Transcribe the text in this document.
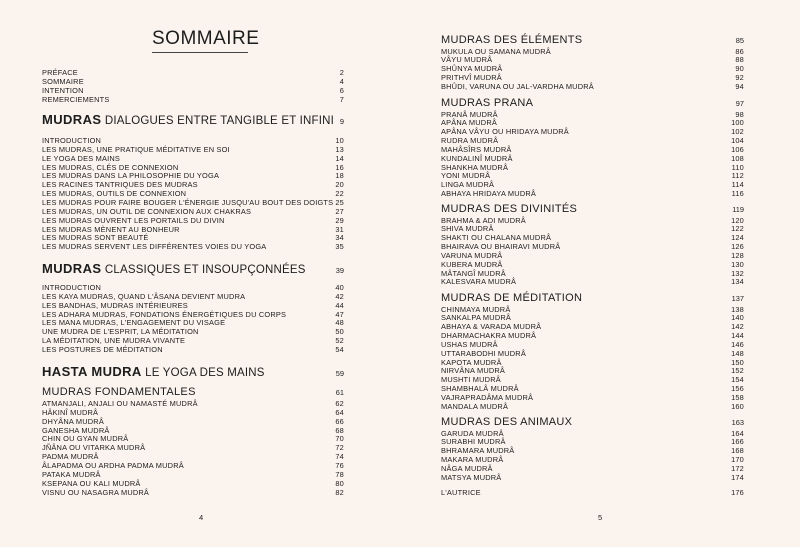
SOMMAIRE
4
PRÉFACE	2
SOMMAIRE	4
INTENTION	6
REMERCIEMENTS	7
MUDRAS DIALOGUES ENTRE TANGIBLE ET INFINI 9
INTRODUCTION	10
LES MUDRAS, UNE PRATIQUE MÉDITATIVE EN SOI	13
LE YOGA DES MAINS	14
LES MUDRAS, CLÉS DE CONNEXION	16
LES MUDRAS DANS LA PHILOSOPHIE DU YOGA	18
LES RACINES TANTRIQUES DES MUDRAS	20
LES MUDRAS, OUTILS DE CONNEXION	22
LES MUDRAS POUR FAIRE BOUGER L'ÉNERGIE JUSQU'AU BOUT DES DOIGTS 25
LES MUDRAS, UN OUTIL DE CONNEXION AUX CHAKRAS	27
LES MUDRAS OUVRENT LES PORTAILS DU DIVIN	29
LES MUDRAS MÈNENT AU BONHEUR	31
LES MUDRAS SONT BEAUTÉ	34
LES MUDRAS SERVENT LES DIFFÉRENTES VOIES DU YOGA	35
MUDRAS CLASSIQUES ET INSOUPÇONNÉES	39
INTRODUCTION	40
LES KAYA MUDRAS, QUAND L'ÂSANA DEVIENT MUDRA	42
LES BANDHAS, MUDRAS INTÉRIEURES	44
LES ADHARA MUDRAS, FONDATIONS ÉNERGÉTIQUES DU CORPS	47
LES MANA MUDRAS, L'ENGAGEMENT DU VISAGE	48
UNE MUDRA DE L'ESPRIT, LA MÉDITATION	50
LA MÉDITATION, UNE MUDRA VIVANTE	52
LES POSTURES DE MÉDITATION	54
HASTA MUDRA LE YOGA DES MAINS	59
MUDRAS FONDAMENTALES	61
ATMANJALI, ANJALI OU NAMASTÉ MUDRÂ	62
HÂKINÎ MUDRÂ	64
DHYÂNA MUDRÂ	66
GANESHA MUDRÂ	68
CHIN OU GYAN MUDRÂ	70
JÑÂNA OU VITARKA MUDRÂ	72
PADMA MUDRÂ	74
ÂLAPADMA OU ARDHA PADMA MUDRÂ	76
PATAKA MUDRÂ	78
KSEPANA OU KALI MUDRÂ	80
VISNU OU NASAGRA MUDRÂ	82
5
MUDRAS DES ÉLÉMENTS	85
MUKULA OU SAMANA MUDRÂ	86
VÂYU MUDRÂ	88
SHÛNYA MUDRÂ	90
PRITHVÎ MUDRÂ	92
BHÛDI, VARUNA OU JAL-VARDHA MUDRÂ	94
MUDRAS PRANA	97
PRANÂ MUDRÂ	98
APÂNA MUDRÂ	100
APÂNA VÂYU OU HRIDAYA MUDRÂ	102
RUDRA MUDRÂ	104
MAHÂSÎRS MUDRÂ	106
KUNDALINÎ MUDRÂ	108
SHANKHA MUDRÂ	110
YONI MUDRÂ	112
LINGA MUDRÂ	114
ABHAYA HRIDAYA MUDRÂ	116
MUDRAS DES DIVINITÉS	119
BRAHMA & ADI MUDRÂ	120
SHIVA MUDRÂ	122
SHAKTI OU CHALANA MUDRÂ	124
BHAIRAVA OU BHAIRAVI MUDRÂ	126
VARUNA MUDRÂ	128
KUBERA MUDRÂ	130
MÂTANGÎ MUDRÂ	132
KALESVARA MUDRÂ	134
MUDRAS DE MÉDITATION	137
CHINMAYA MUDRÂ	138
SANKALPA MUDRÂ	140
ABHAYA & VARADA MUDRÂ	142
DHARMACHAKRA MUDRÂ	144
USHAS MUDRÂ	146
UTTARABODHI MUDRÂ	148
KAPOTA MUDRÂ	150
NIRVÂNA MUDRÂ	152
MUSHTI MUDRÂ	154
SHAMBHALÂ MUDRÂ	156
VAJRAPRADÂMA MUDRÂ	158
MANDALA MUDRÂ	160
MUDRAS DES ANIMAUX	163
GARUDA MUDRÂ	164
SURABHI MUDRÂ	166
BHRAMARA MUDRÂ	168
MAKARA MUDRÂ	170
NÂGA MUDRÂ	172
MATSYA MUDRÂ	174
L'AUTRICE	176
